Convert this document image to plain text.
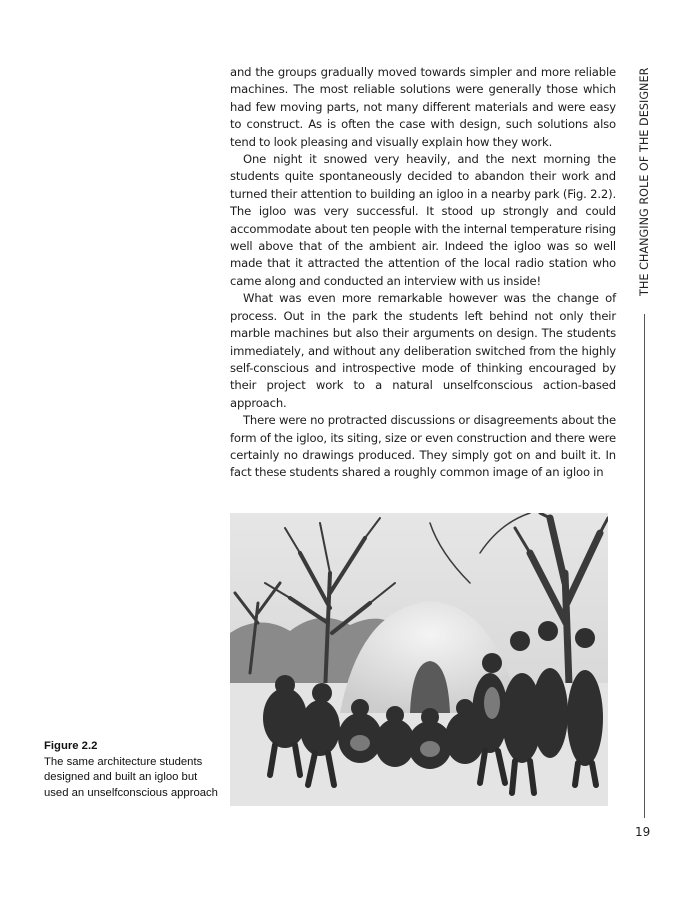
and the groups gradually moved towards simpler and more reliable machines. The most reliable solutions were generally those which had few moving parts, not many different materials and were easy to construct. As is often the case with design, such solutions also tend to look pleasing and visually explain how they work.

One night it snowed very heavily, and the next morning the students quite spontaneously decided to abandon their work and turned their attention to building an igloo in a nearby park (Fig. 2.2). The igloo was very successful. It stood up strongly and could accommodate about ten people with the internal temperature rising well above that of the ambient air. Indeed the igloo was so well made that it attracted the attention of the local radio station who came along and conducted an interview with us inside!

What was even more remarkable however was the change of process. Out in the park the students left behind not only their marble machines but also their arguments on design. The students immediately, and without any deliberation switched from the highly self-conscious and introspective mode of thinking encouraged by their project work to a natural unselfconscious action-based approach.

There were no protracted discussions or disagreements about the form of the igloo, its siting, size or even construction and there were certainly no drawings produced. They simply got on and built it. In fact these students shared a roughly common image of an igloo in

THE CHANGING ROLE OF THE DESIGNER
19
Figure 2.2
The same architecture students designed and built an igloo but used an unselfconscious approach
